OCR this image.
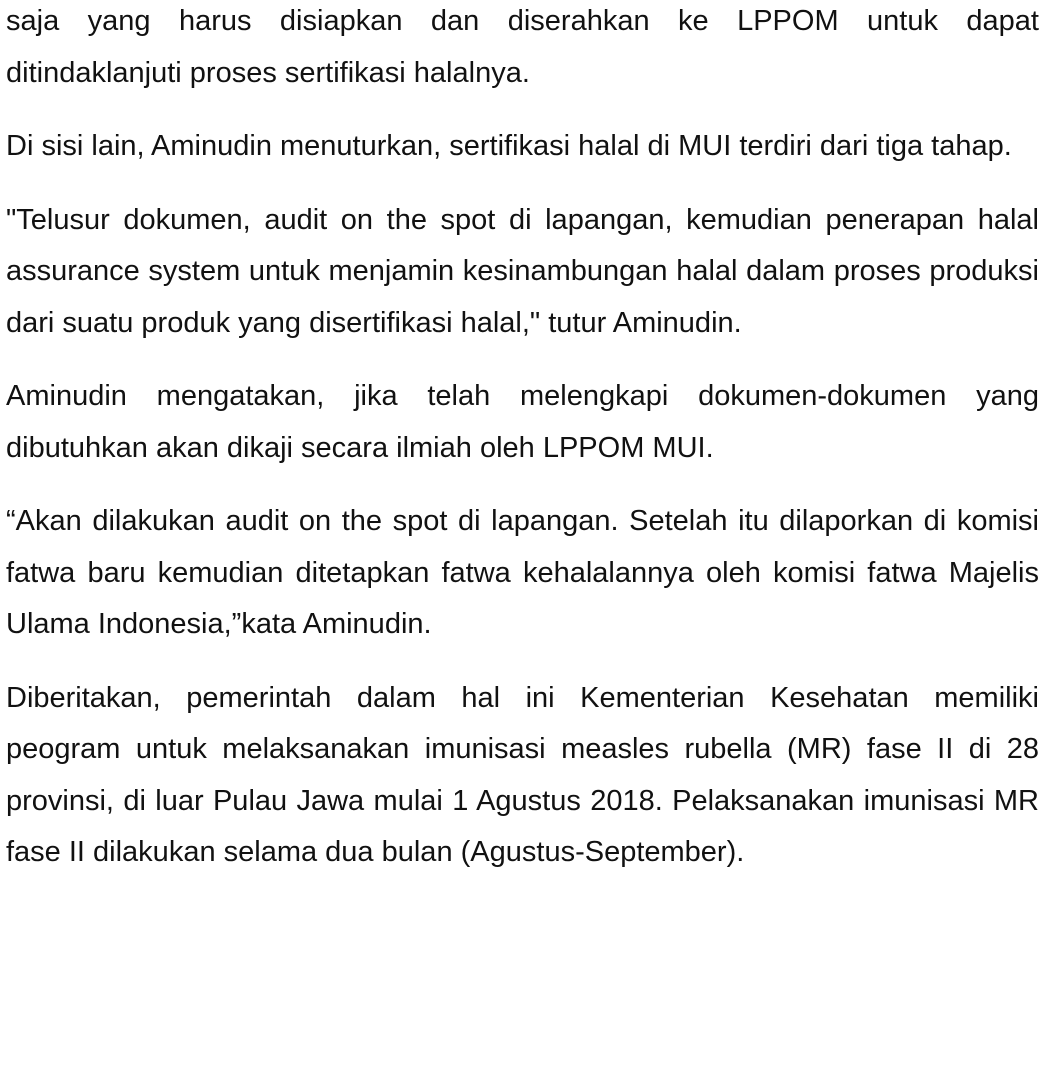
saja yang harus disiapkan dan diserahkan ke LPPOM untuk dapat ditindaklanjuti proses sertifikasi halalnya.

Di sisi lain, Aminudin menuturkan, sertifikasi halal di MUI terdiri dari tiga tahap.

"Telusur dokumen, audit on the spot di lapangan, kemudian penerapan halal assurance system untuk menjamin kesinambungan halal dalam proses produksi dari suatu produk yang disertifikasi halal," tutur Aminudin.

Aminudin mengatakan, jika telah melengkapi dokumen-dokumen yang dibutuhkan akan dikaji secara ilmiah oleh LPPOM MUI.

“Akan dilakukan audit on the spot di lapangan. Setelah itu dilaporkan di komisi fatwa baru kemudian ditetapkan fatwa kehalalannya oleh komisi fatwa Majelis Ulama Indonesia,”kata Aminudin.

Diberitakan, pemerintah dalam hal ini Kementerian Kesehatan memiliki peogram untuk melaksanakan imunisasi measles rubella (MR) fase II di 28 provinsi, di luar Pulau Jawa mulai 1 Agustus 2018. Pelaksanakan imunisasi MR fase II dilakukan selama dua bulan (Agustus-September).
